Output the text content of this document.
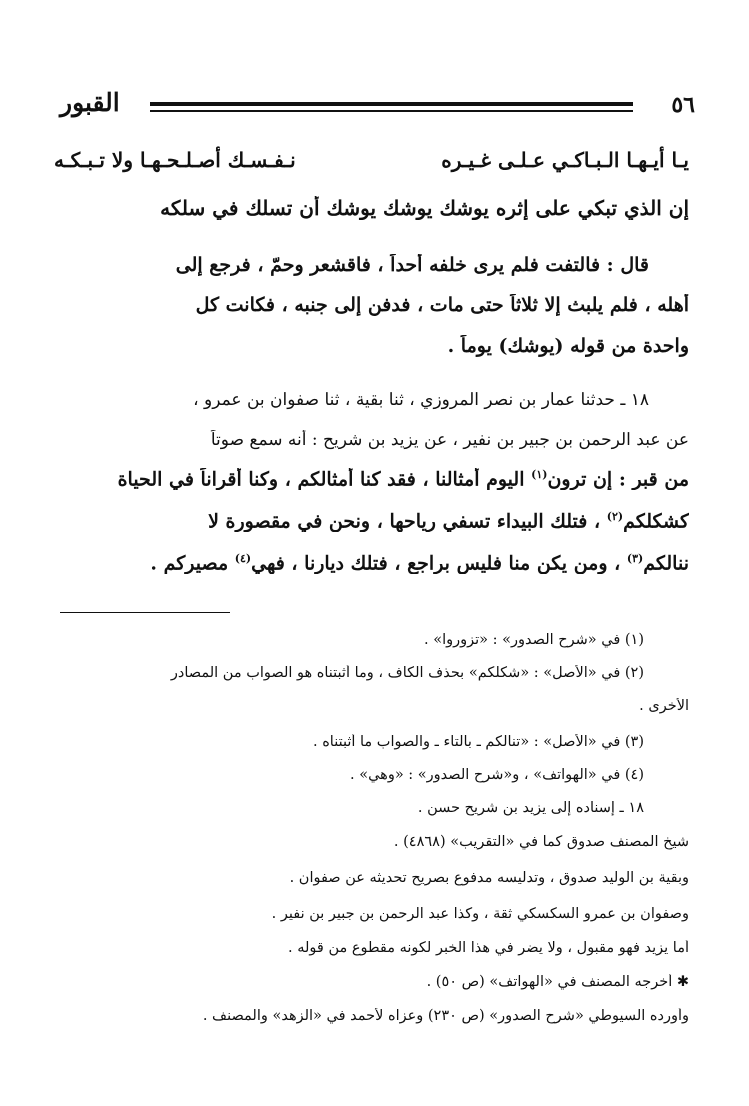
٥٦
القبور
يـا أيـهـا الـبـاكـي عـلـى غـيـره
نـفـسـك أصـلـحـهـا ولا تـبـكـه
إن الذي تبكي على إثره يوشك يوشك يوشك أن تسلك في سلكه
قال : فالتفت فلم يرى خلفه أحداً ، فاقشعر وحمّ ، فرجع إلى
أهله ، فلم يلبث إلا ثلاثاً حتى مات ، فدفن إلى جنبه ، فكانت كل
واحدة من قوله (يوشك) يوماً .
١٨ ـ حدثنا عمار بن نصر المروزي ، ثنا بقية ، ثنا صفوان بن عمرو ،
عن عبد الرحمن بن جبير بن نفير ، عن يزيد بن شريح : أنه سمع صوتاً
من قبر : إن ترون$^{(١)}$ اليوم أمثالنا ، فقد كنا أمثالكم ، وكنا أقراناً في الحياة
كشكلكم$^{(٢)}$ ، فتلك البيداء تسفي رياحها ، ونحن في مقصورة لا
ننالكم$^{(٣)}$ ، ومن يكن منا فليس براجع ، فتلك ديارنا ، فهي$^{(٤)}$ مصيركم .
(١) في «شرح الصدور» : «تزوروا» .
(٢) في «الأصل» : «شكلكم» بحذف الكاف ، وما أثبتناه هو الصواب من المصادر
الأخرى .
(٣) في «الأصل» : «تنالكم ـ بالتاء ـ والصواب ما أثبتناه .
(٤) في «الهواتف» ، و«شرح الصدور» : «وهي» .
١٨ ـ إسناده إلى يزيد بن شريح حسن .
شيخ المصنف صدوق كما في «التقريب» (٤٨٦٨) .
وبقية بن الوليد صدوق ، وتدليسه مدفوع بصريح تحديثه عن صفوان .
وصفوان بن عمرو السكسكي ثقة ، وكذا عبد الرحمن بن جبير بن نفير .
أما يزيد فهو مقبول ، ولا يضر في هذا الخبر لكونه مقطوع من قوله .
✱ أخرجه المصنف في «الهواتف» (ص ٥٠) .
وأورده السيوطي «شرح الصدور» (ص ٢٣٠) وعزاه لأحمد في «الزهد» والمصنف .
